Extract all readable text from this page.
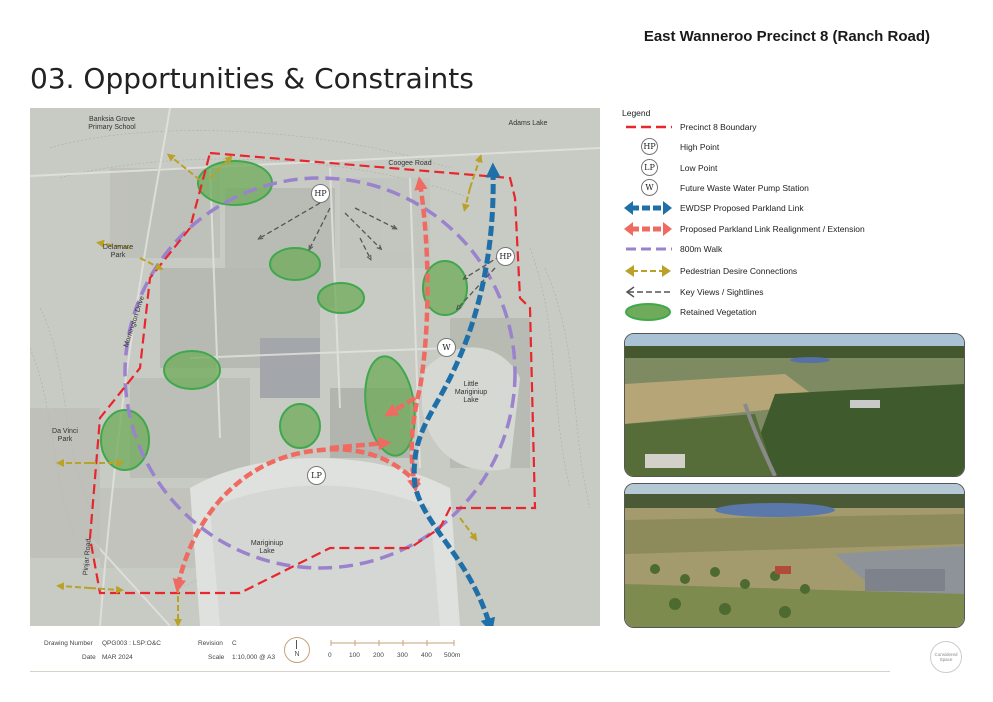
East Wanneroo Precinct 8 (Ranch Road)
03. Opportunities & Constraints
Banksia Grove Primary School
Adams Lake
Coogee Road
Delamare Park
Mornington Drive
Da Vinci Park
Little Mariginiup Lake
Mariginiup Lake
Pinjar Road
HP
HP
LP
W
Legend
Precinct 8 Boundary
HP	High Point
LP	Low Point
W	Future Waste Water Pump Station
EWDSP Proposed Parkland Link
Proposed Parkland Link Realignment / Extension
800m Walk
Pedestrian Desire Connections
Key Views / Sightlines
Retained Vegetation
Drawing Number QPG003 : LSP:O&C	Revision C
Date MAR 2024	Scale 1:10,000 @ A3	N	0	100 200 300 400 500m	Considered Space
